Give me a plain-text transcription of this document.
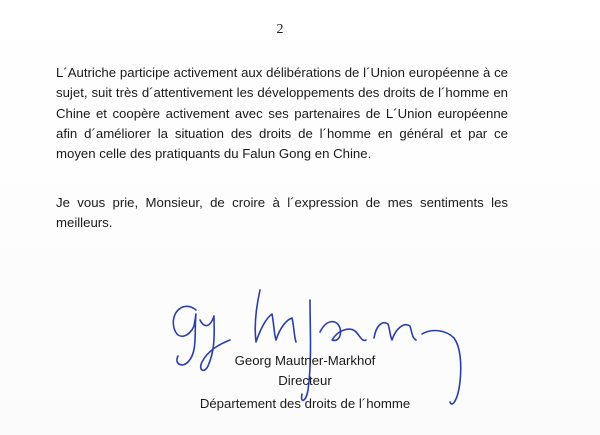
2

L´Autriche participe activement aux délibérations de l´Union européenne à ce sujet, suit très d´attentivement les développements des droits de l´homme en Chine et coopère activement avec ses partenaires de L´Union européenne afin d´améliorer la situation des droits de l´homme en général et par ce moyen celle des pratiquants du Falun Gong en Chine.

Je vous prie, Monsieur, de croire à l´expression de mes sentiments les meilleurs.

Georg Mautner-Markhof
Directeur
Département des droits de l´homme
